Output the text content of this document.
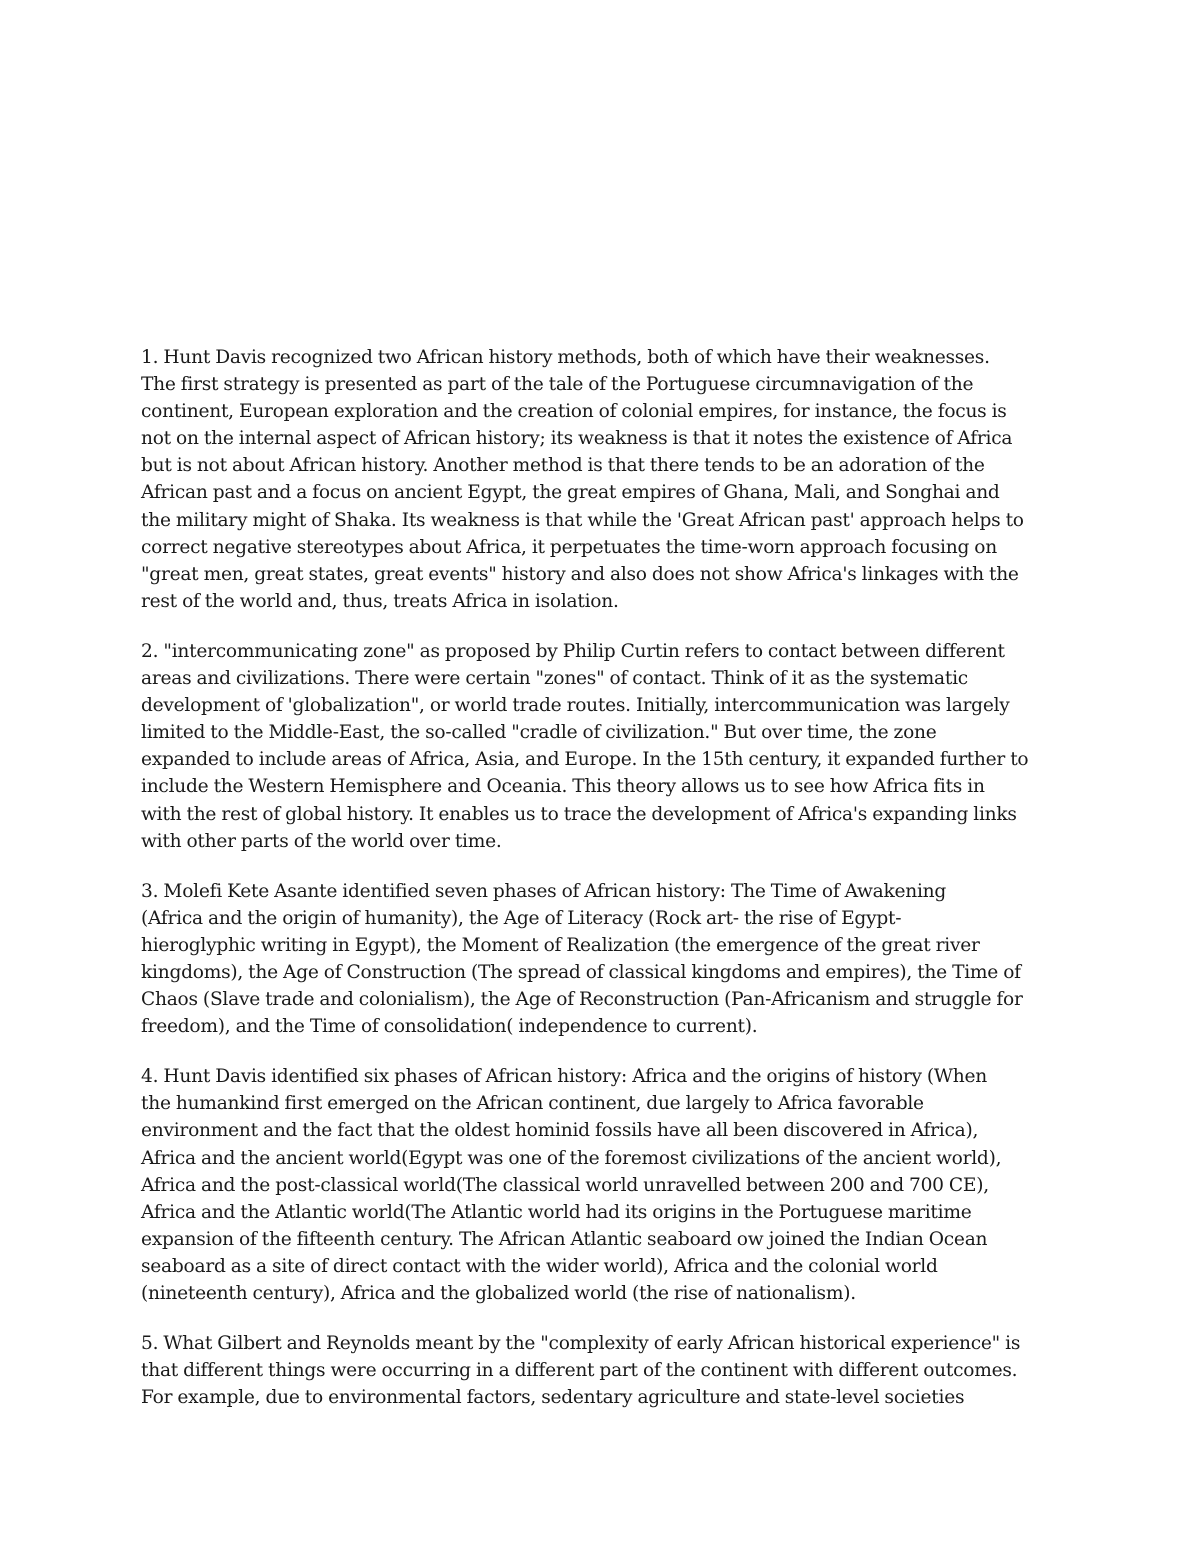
1. Hunt Davis recognized two African history methods, both of which have their weaknesses.
The first strategy is presented as part of the tale of the Portuguese circumnavigation of the
continent, European exploration and the creation of colonial empires, for instance, the focus is
not on the internal aspect of African history; its weakness is that it notes the existence of Africa
but is not about African history. Another method is that there tends to be an adoration of the
African past and a focus on ancient Egypt, the great empires of Ghana, Mali, and Songhai and
the military might of Shaka. Its weakness is that while the 'Great African past' approach helps to
correct negative stereotypes about Africa, it perpetuates the time-worn approach focusing on
"great men, great states, great events" history and also does not show Africa's linkages with the
rest of the world and, thus, treats Africa in isolation.
2. "intercommunicating zone" as proposed by Philip Curtin refers to contact between different
areas and civilizations. There were certain "zones" of contact. Think of it as the systematic
development of 'globalization", or world trade routes. Initially, intercommunication was largely
limited to the Middle-East, the so-called "cradle of civilization." But over time, the zone
expanded to include areas of Africa, Asia, and Europe. In the 15th century, it expanded further to
include the Western Hemisphere and Oceania. This theory allows us to see how Africa fits in
with the rest of global history. It enables us to trace the development of Africa's expanding links
with other parts of the world over time.
3. Molefi Kete Asante identified seven phases of African history: The Time of Awakening
(Africa and the origin of humanity), the Age of Literacy (Rock art- the rise of Egypt-
hieroglyphic writing in Egypt), the Moment of Realization (the emergence of the great river
kingdoms), the Age of Construction (The spread of classical kingdoms and empires), the Time of
Chaos (Slave trade and colonialism), the Age of Reconstruction (Pan-Africanism and struggle for
freedom), and the Time of consolidation( independence to current).
4. Hunt Davis identified six phases of African history: Africa and the origins of history (When
the humankind first emerged on the African continent, due largely to Africa favorable
environment and the fact that the oldest hominid fossils have all been discovered in Africa),
Africa and the ancient world(Egypt was one of the foremost civilizations of the ancient world),
Africa and the post-classical world(The classical world unravelled between 200 and 700 CE),
Africa and the Atlantic world(The Atlantic world had its origins in the Portuguese maritime
expansion of the fifteenth century. The African Atlantic seaboard ow joined the Indian Ocean
seaboard as a site of direct contact with the wider world), Africa and the colonial world
(nineteenth century), Africa and the globalized world (the rise of nationalism).
5. What Gilbert and Reynolds meant by the "complexity of early African historical experience" is
that different things were occurring in a different part of the continent with different outcomes.
For example, due to environmental factors, sedentary agriculture and state-level societies
